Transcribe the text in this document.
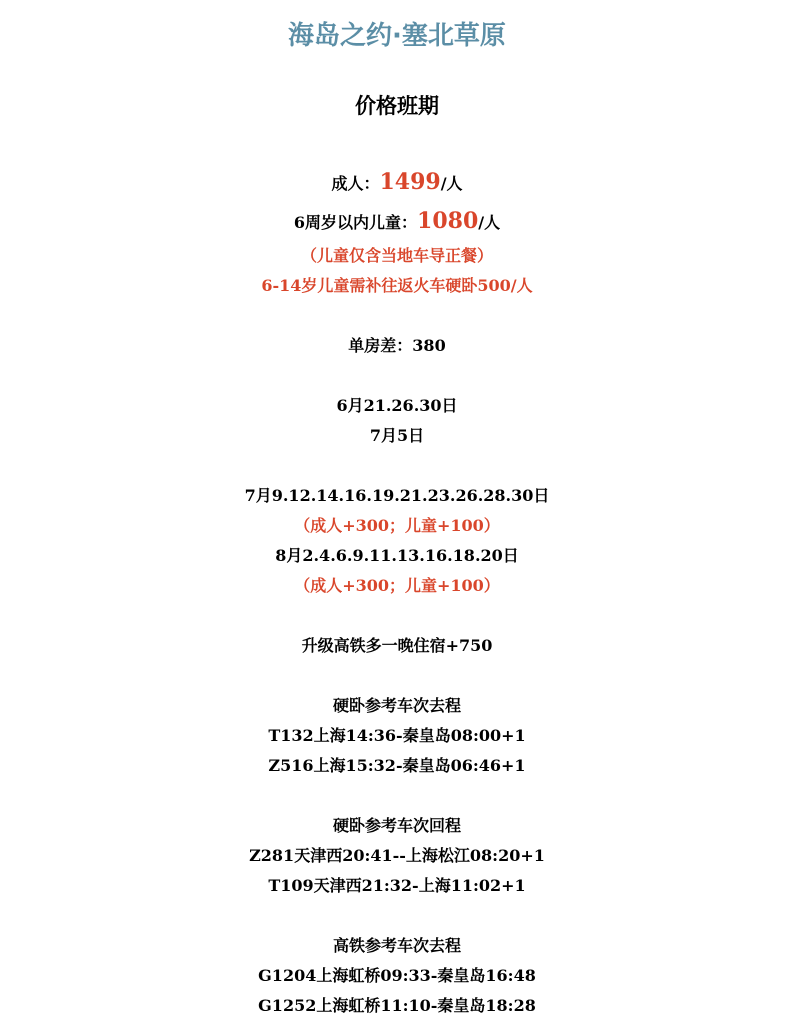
海岛之约·塞北草原
价格班期
成人：1499/人
6周岁以内儿童：1080/人
（儿童仅含当地车导正餐）
6-14岁儿童需补往返火车硬卧500/人
单房差：380
6月21.26.30日
7月5日
7月9.12.14.16.19.21.23.26.28.30日
（成人+300；儿童+100）
8月2.4.6.9.11.13.16.18.20日
（成人+300；儿童+100）
升级高铁多一晚住宿+750
硬卧参考车次去程
T132上海14:36-秦皇岛08:00+1
Z516上海15:32-秦皇岛06:46+1
硬卧参考车次回程
Z281天津西20:41--上海松江08:20+1
T109天津西21:32-上海11:02+1
高铁参考车次去程
G1204上海虹桥09:33-秦皇岛16:48
G1252上海虹桥11:10-秦皇岛18:28
